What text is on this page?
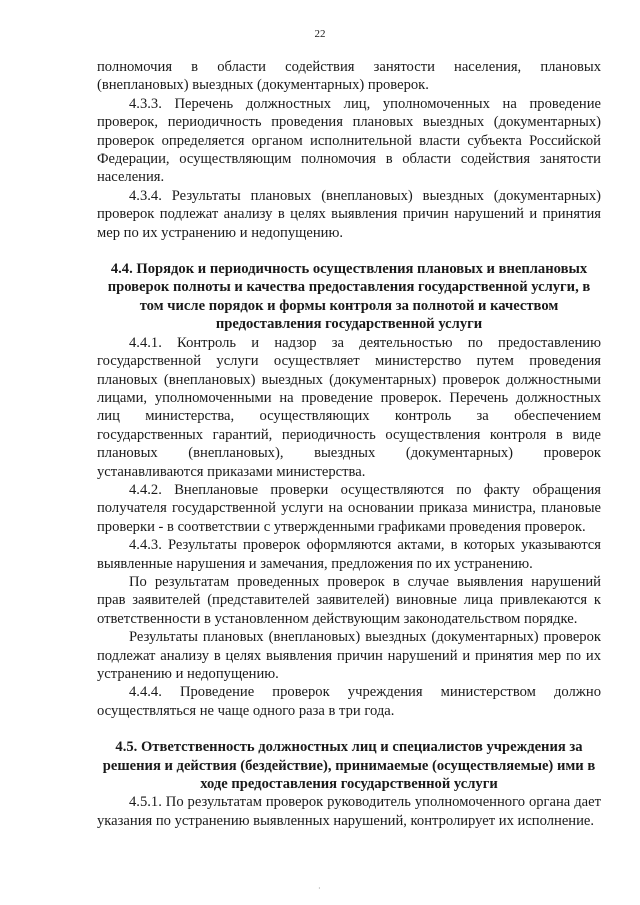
22

полномочия в области содействия занятости населения, плановых (внеплановых) выездных (документарных) проверок.

4.3.3. Перечень должностных лиц, уполномоченных на проведение проверок, периодичность проведения плановых выездных (документарных) проверок определяется органом исполнительной власти субъекта Российской Федерации, осуществляющим полномочия в области содействия занятости населения.

4.3.4. Результаты плановых (внеплановых) выездных (документарных) проверок подлежат анализу в целях выявления причин нарушений и принятия мер по их устранению и недопущению.

4.4. Порядок и периодичность осуществления плановых и внеплановых проверок полноты и качества предоставления государственной услуги, в том числе порядок и формы контроля за полнотой и качеством предоставления государственной услуги

4.4.1. Контроль и надзор за деятельностью по предоставлению государственной услуги осуществляет министерство путем проведения плановых (внеплановых) выездных (документарных) проверок должностными лицами, уполномоченными на проведение проверок. Перечень должностных лиц министерства, осуществляющих контроль за обеспечением государственных гарантий, периодичность осуществления контроля в виде плановых (внеплановых), выездных (документарных) проверок устанавливаются приказами министерства.

4.4.2. Внеплановые проверки осуществляются по факту обращения получателя государственной услуги на основании приказа министра, плановые проверки - в соответствии с утвержденными графиками проведения проверок.

4.4.3. Результаты проверок оформляются актами, в которых указываются выявленные нарушения и замечания, предложения по их устранению.

По результатам проведенных проверок в случае выявления нарушений прав заявителей (представителей заявителей) виновные лица привлекаются к ответственности в установленном действующим законодательством порядке.

Результаты плановых (внеплановых) выездных (документарных) проверок подлежат анализу в целях выявления причин нарушений и принятия мер по их устранению и недопущению.

4.4.4. Проведение проверок учреждения министерством должно осуществляться не чаще одного раза в три года.

4.5. Ответственность должностных лиц и специалистов учреждения за решения и действия (бездействие), принимаемые (осуществляемые) ими в ходе предоставления государственной услуги

4.5.1. По результатам проверок руководитель уполномоченного органа дает указания по устранению выявленных нарушений, контролирует их исполнение.

·
